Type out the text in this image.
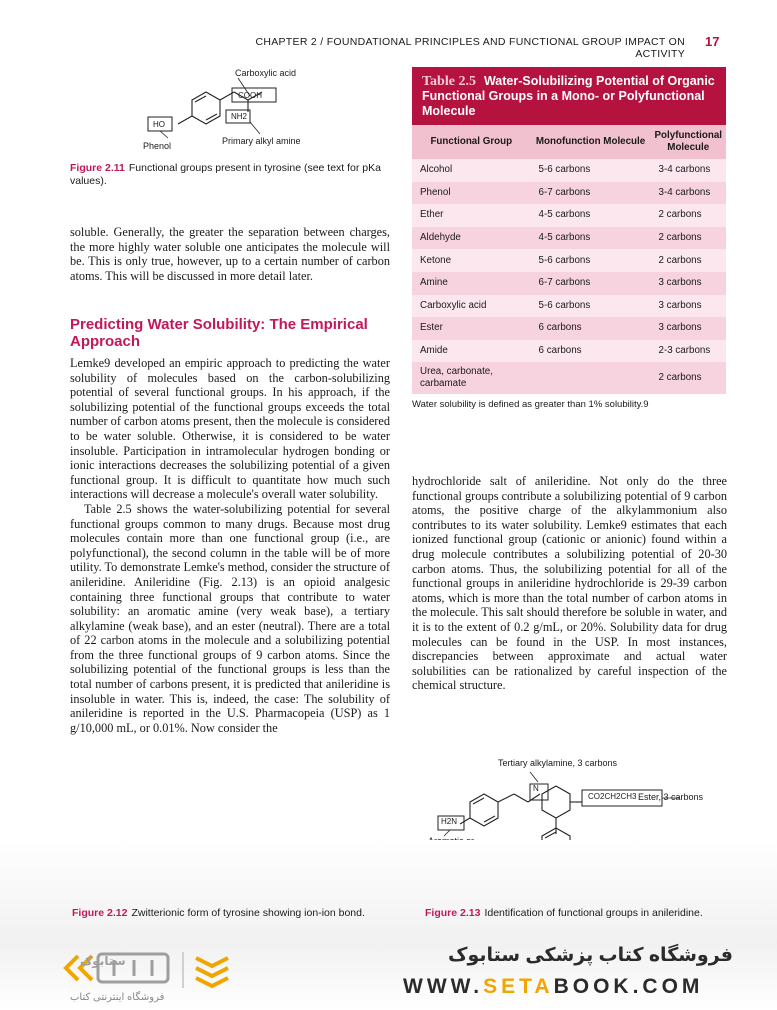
CHAPTER 2 / FOUNDATIONAL PRINCIPLES AND FUNCTIONAL GROUP IMPACT ON ACTIVITY
17
Carboxylic acid
COOH
NH2
HO
Phenol	Primary alkyl amine
Figure 2.11 Functional groups present in tyrosine (see text for pKa values).
soluble. Generally, the greater the separation between charges, the more highly water soluble one anticipates the molecule will be. This is only true, however, up to a certain number of carbon atoms. This will be discussed in more detail later.
Predicting Water Solubility: The Empirical Approach

Lemke9 developed an empiric approach to predicting the water solubility of molecules based on the carbon-solubilizing potential of several functional groups. In his approach, if the solubilizing potential of the functional groups exceeds the total number of carbon atoms present, then the molecule is considered to be water soluble. Otherwise, it is considered to be water insoluble. Participation in intramolecular hydrogen bonding or ionic interactions decreases the solubilizing potential of a given functional group. It is difficult to quantitate how much such interactions will decrease a molecule's overall water solubility.

Table 2.5 shows the water-solubilizing potential for several functional groups common to many drugs. Because most drug molecules contain more than one functional group (i.e., are polyfunctional), the second column in the table will be of more utility. To demonstrate Lemke's method, consider the structure of anileridine. Anileridine (Fig. 2.13) is an opioid analgesic containing three functional groups that contribute to water solubility: an aromatic amine (very weak base), a tertiary alkylamine (weak base), and an ester (neutral). There are a total of 22 carbon atoms in the molecule and a solubilizing potential from the three functional groups of 9 carbon atoms. Since the solubilizing potential of the functional groups is less than the total number of carbons present, it is predicted that anileridine is insoluble in water. This is, indeed, the case: The solubility of anileridine is reported in the U.S. Pharmacopeia (USP) as 1 g/10,000 mL, or 0.01%. Now consider the

Table 2.5 Water-Solubilizing Potential of Organic Functional Groups in a Mono- or Polyfunctional Molecule
Functional Group	Monofunction Molecule	Polyfunctional Molecule
Alcohol	5-6 carbons	3-4 carbons
Phenol	6-7 carbons	3-4 carbons
Ether	4-5 carbons	2 carbons
Aldehyde	4-5 carbons	2 carbons
Ketone	5-6 carbons	2 carbons
Amine	6-7 carbons	3 carbons
Carboxylic acid	5-6 carbons	3 carbons
Ester	6 carbons	3 carbons
Amide	6 carbons	2-3 carbons
Urea, carbonate, carbamate		2 carbons
Water solubility is defined as greater than 1% solubility.9
hydrochloride salt of anileridine. Not only do the three functional groups contribute a solubilizing potential of 9 carbon atoms, the positive charge of the alkylammonium also contributes to its water solubility. Lemke9 estimates that each ionized functional group (cationic or anionic) found within a drug molecule contributes a solubilizing potential of 20-30 carbon atoms. Thus, the solubilizing potential for all of the functional groups in anileridine hydrochloride is 29-39 carbon atoms, which is more than the total number of carbon atoms in the molecule. This salt should therefore be soluble in water, and it is to the extent of 0.2 g/mL, or 20%. Solubility data for drug molecules can be found in the USP. In most instances, discrepancies between approximate and actual water solubilities can be rationalized by careful inspection of the chemical structure.
Tertiary alkylamine, 3 carbons
N
CO2CH2CH3 Ester, 3 carbons
H2N
Figure 2.12 Zwitterionic form of tyrosine showing ion-ion bond.	Figure 2.13 Identification of functional groups in anileridine.
ستابوک
فروشگاه اینترنتی کتاب
فروشگاه کتاب پزشکی ستابوک
WWW.SETABOOK.COM
